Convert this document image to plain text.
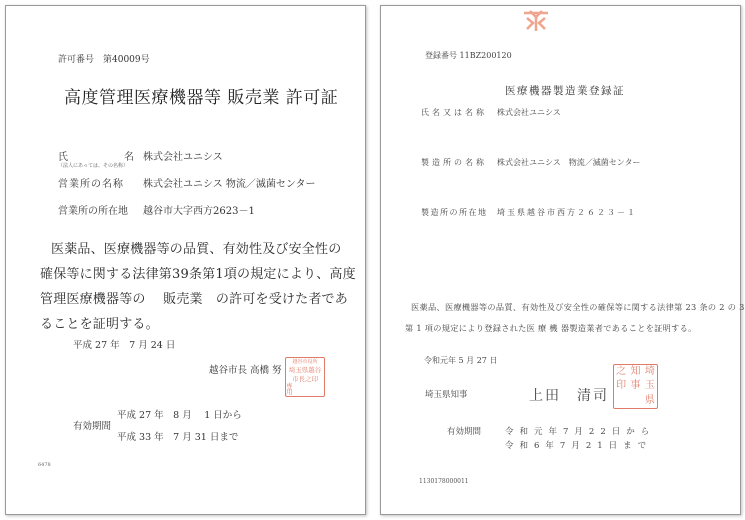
許可番号　第40009号
高度管理医療機器等 販売業 許可証
氏　　　　　名
（法人にあっては、その名称）
株式会社ユニシス
営業所の名称 株式会社ユニシス 物流／滅菌センター
営業所の所在地 越谷市大字西方2623－1
医薬品、医療機器等の品質、有効性及び安全性の
確保等に関する法律第39条第1項の規定により、高度
管理医療機器等の　 販売業　の許可を受けた者であ
ることを証明する。
平成 27 年　7 月 24 日
越谷市長 高橋 努
越谷市役所
埼玉県越谷
市長之印
専用
有効期間
平成 27 年　8 月　 1 日から
平成 33 年　7 月 31 日まで
6478
登録番号 11BZ200120
医療機器製造業登録証
氏名又は名称 株式会社ユニシス
製造所の名称 株式会社ユニシス　物流／滅菌センター
製造所の所在地 埼玉県越谷市西方２６２３－１
医薬品、医療機器等の品質、有効性及び安全性の確保等に関する法律第 23 条の 2 の 3
第 1 項の規定により登録された医 療 機 器製造業者であることを証明する。
令和元年 5 月 27 日
埼玉県知事	上田　清司
之
印
知
事
埼
玉
県
有効期間	令和元年7月22日から
令和6年7月21日まで
1130178000011
